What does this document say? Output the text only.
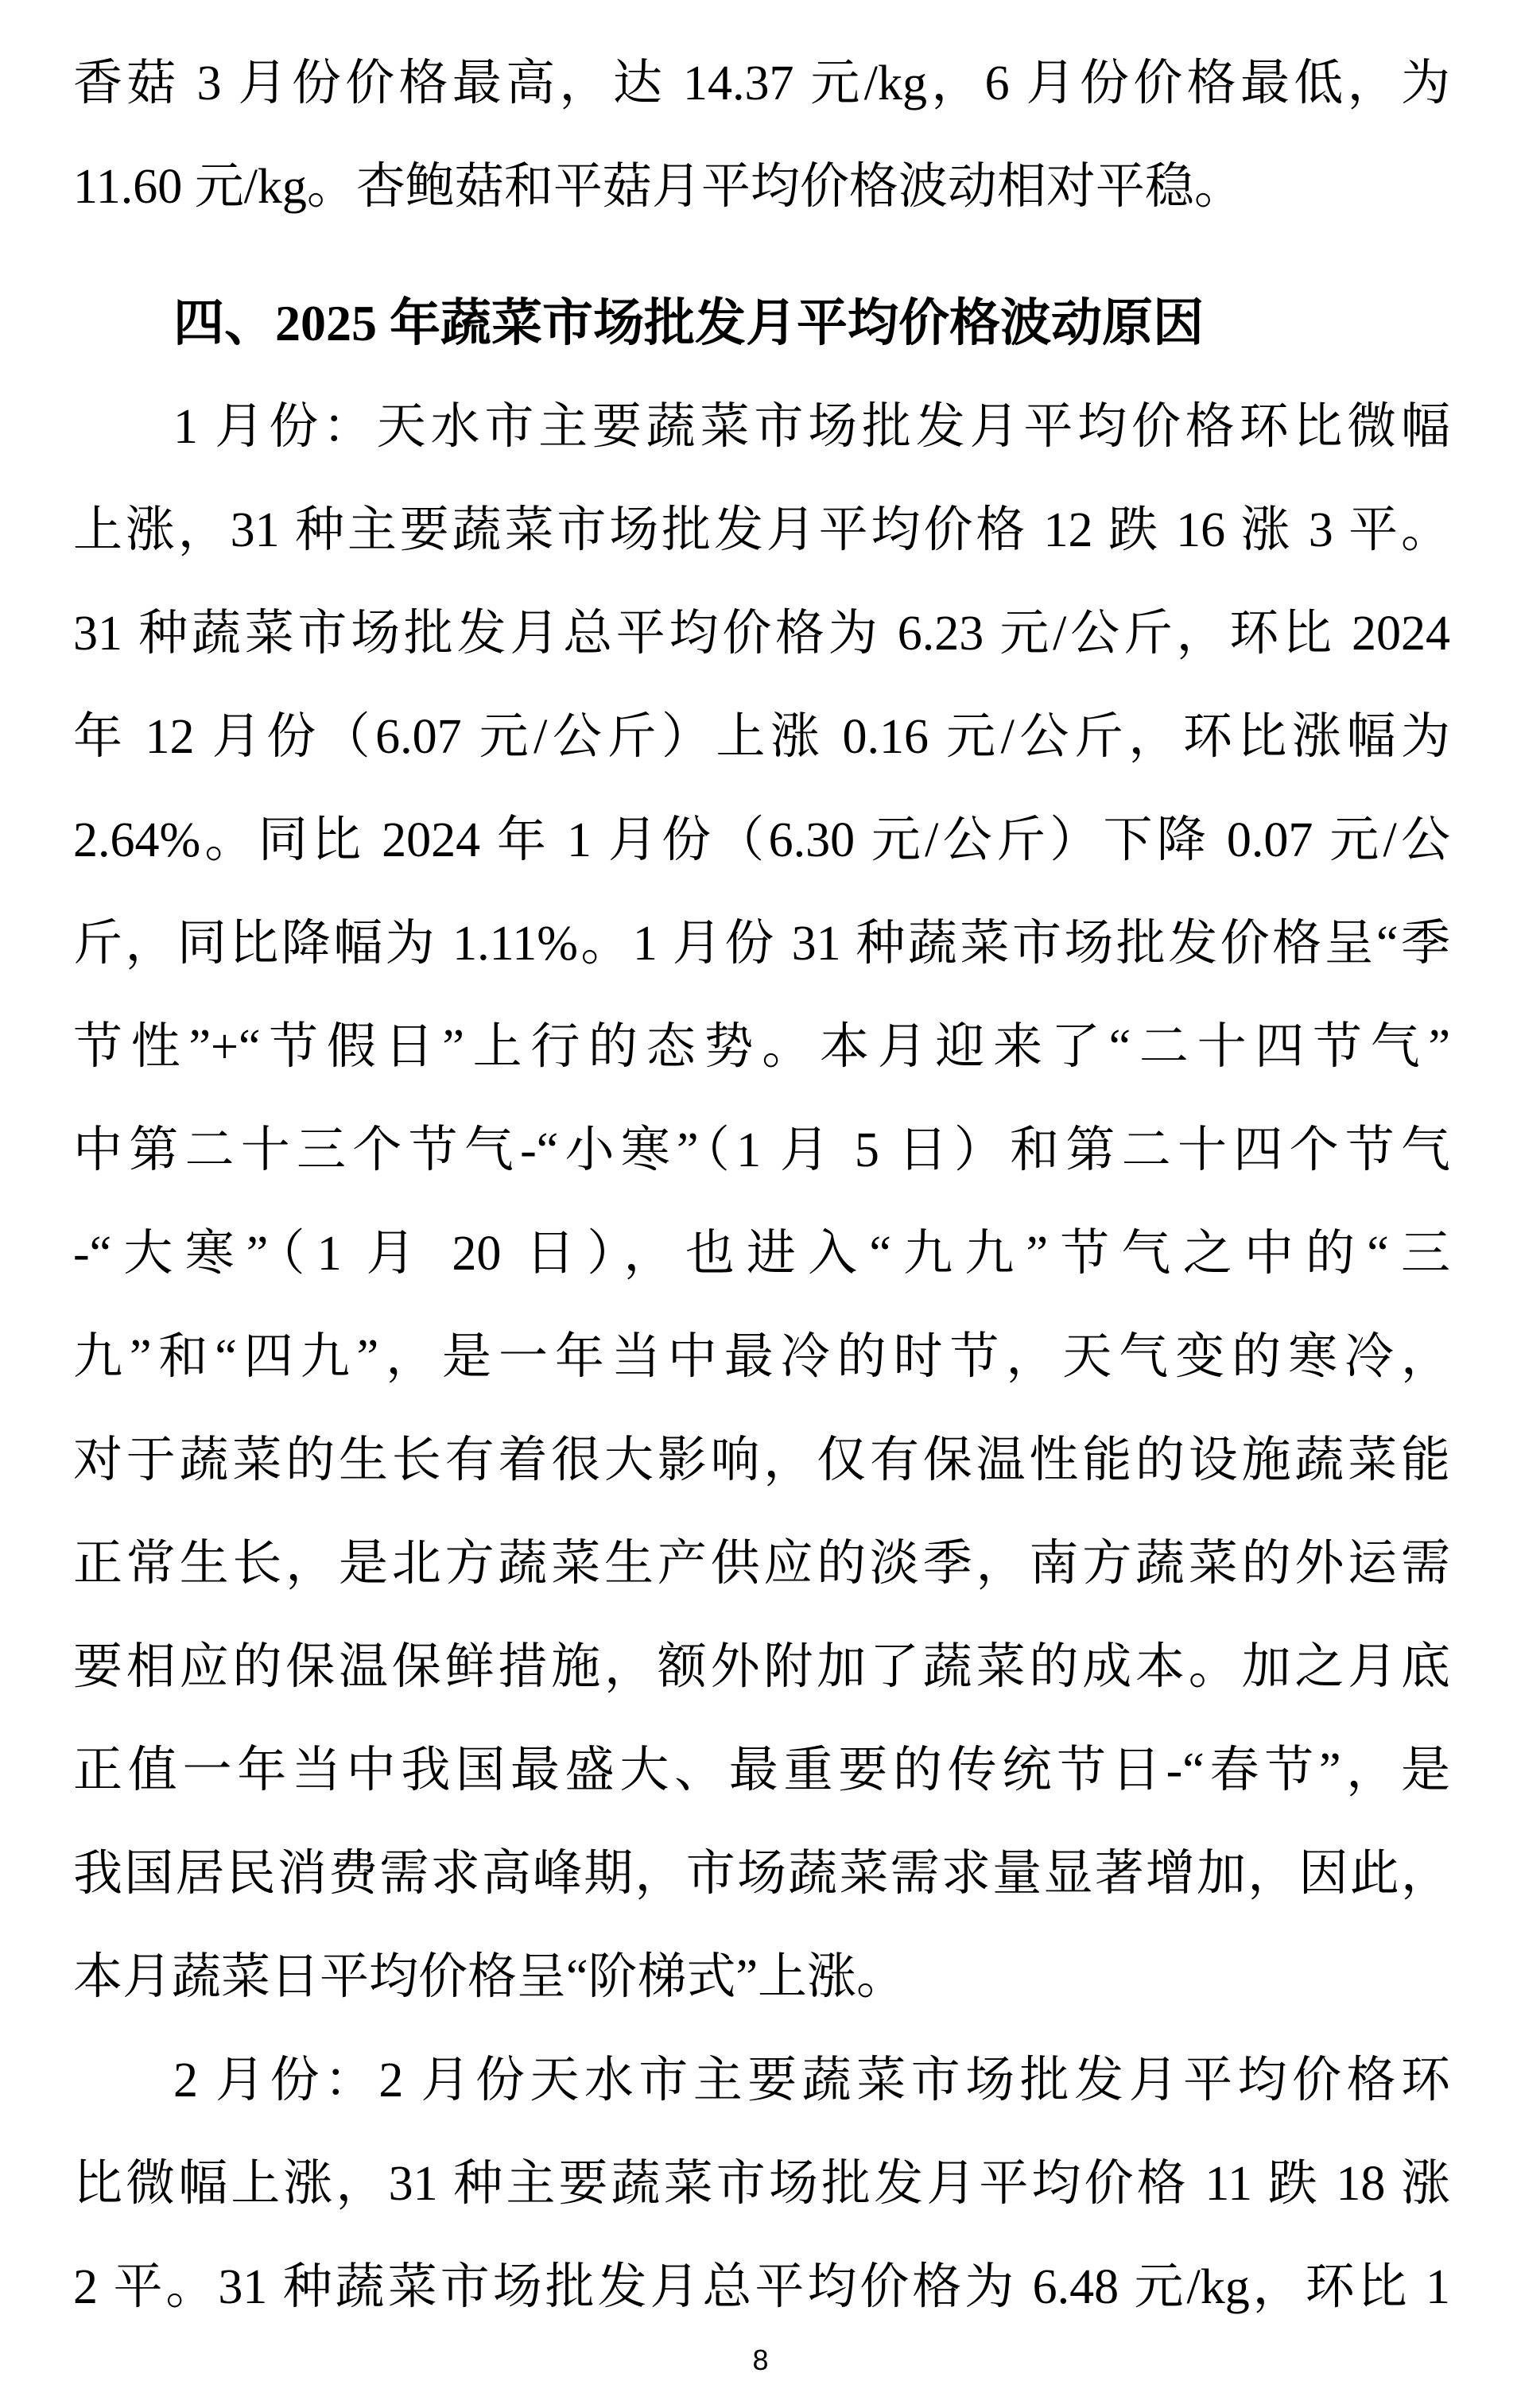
香菇 3 月份价格最高，达 14.37 元/kg，6 月份价格最低，为
11.60 元/kg。杏鲍菇和平菇月平均价格波动相对平稳。
四、2025 年蔬菜市场批发月平均价格波动原因
1 月份：天水市主要蔬菜市场批发月平均价格环比微幅
上涨，31 种主要蔬菜市场批发月平均价格 12 跌 16 涨 3 平。
31 种蔬菜市场批发月总平均价格为 6.23 元/公斤，环比 2024
年 12 月份（6.07 元/公斤）上涨 0.16 元/公斤，环比涨幅为
2.64%。同比 2024 年 1 月份（6.30 元/公斤）下降 0.07 元/公
斤，同比降幅为 1.11%。1 月份 31 种蔬菜市场批发价格呈“季
节性”+“节假日”上行的态势。本月迎来了“二十四节气”
中第二十三个节气-“小寒”（1 月 5 日）和第二十四个节气
-“大寒”（1 月 20 日），也进入“九九”节气之中的“三
九”和“四九”，是一年当中最冷的时节，天气变的寒冷，
对于蔬菜的生长有着很大影响，仅有保温性能的设施蔬菜能
正常生长，是北方蔬菜生产供应的淡季，南方蔬菜的外运需
要相应的保温保鲜措施，额外附加了蔬菜的成本。加之月底
正值一年当中我国最盛大、最重要的传统节日-“春节”，是
我国居民消费需求高峰期，市场蔬菜需求量显著增加，因此，
本月蔬菜日平均价格呈“阶梯式”上涨。
2 月份：2 月份天水市主要蔬菜市场批发月平均价格环
比微幅上涨，31 种主要蔬菜市场批发月平均价格 11 跌 18 涨
2 平。31 种蔬菜市场批发月总平均价格为 6.48 元/kg，环比 1
8
